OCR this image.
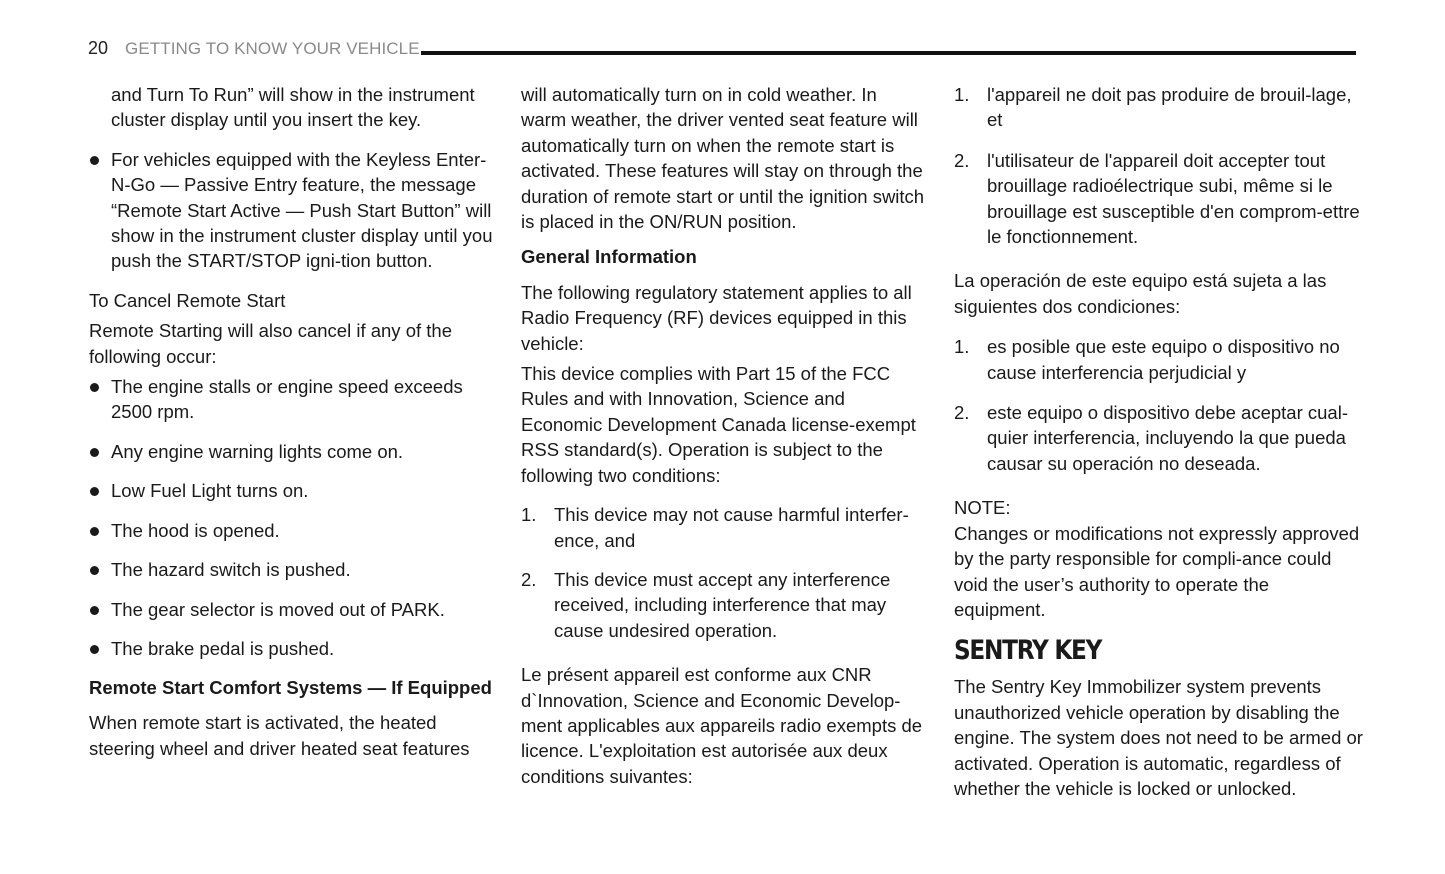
20 GETTING TO KNOW YOUR VEHICLE

and Turn To Run” will show in the instrument cluster display until you insert the key.

For vehicles equipped with the Keyless Enter-N-Go — Passive Entry feature, the message “Remote Start Active — Push Start Button” will show in the instrument cluster display until you push the START/STOP igni-tion button.

To Cancel Remote Start

Remote Starting will also cancel if any of the following occur:

The engine stalls or engine speed exceeds 2500 rpm.

Any engine warning lights come on.

Low Fuel Light turns on.

The hood is opened.

The hazard switch is pushed.

The gear selector is moved out of PARK.

The brake pedal is pushed.

Remote Start Comfort Systems — If Equipped

When remote start is activated, the heated steering wheel and driver heated seat features

will automatically turn on in cold weather. In warm weather, the driver vented seat feature will automatically turn on when the remote start is activated. These features will stay on through the duration of remote start or until the ignition switch is placed in the ON/RUN position.

General Information

The following regulatory statement applies to all Radio Frequency (RF) devices equipped in this vehicle:

This device complies with Part 15 of the FCC Rules and with Innovation, Science and Economic Development Canada license-exempt RSS standard(s). Operation is subject to the following two conditions:

1. This device may not cause harmful interfer-ence, and
2. This device must accept any interference received, including interference that may cause undesired operation.

Le présent appareil est conforme aux CNR d`Innovation, Science and Economic Develop-ment applicables aux appareils radio exempts de licence. L'exploitation est autorisée aux deux conditions suivantes:

1. l'appareil ne doit pas produire de brouil-lage, et
2. l'utilisateur de l'appareil doit accepter tout brouillage radioélectrique subi, même si le brouillage est susceptible d'en comprom-ettre le fonctionnement.

La operación de este equipo está sujeta a las siguientes dos condiciones:

1. es posible que este equipo o dispositivo no cause interferencia perjudicial y
2. este equipo o dispositivo debe aceptar cual-quier interferencia, incluyendo la que pueda causar su operación no deseada.

NOTE:

Changes or modifications not expressly approved by the party responsible for compli-ance could void the user’s authority to operate the equipment.

SENTRY KEY

The Sentry Key Immobilizer system prevents unauthorized vehicle operation by disabling the engine. The system does not need to be armed or activated. Operation is automatic, regardless of whether the vehicle is locked or unlocked.
